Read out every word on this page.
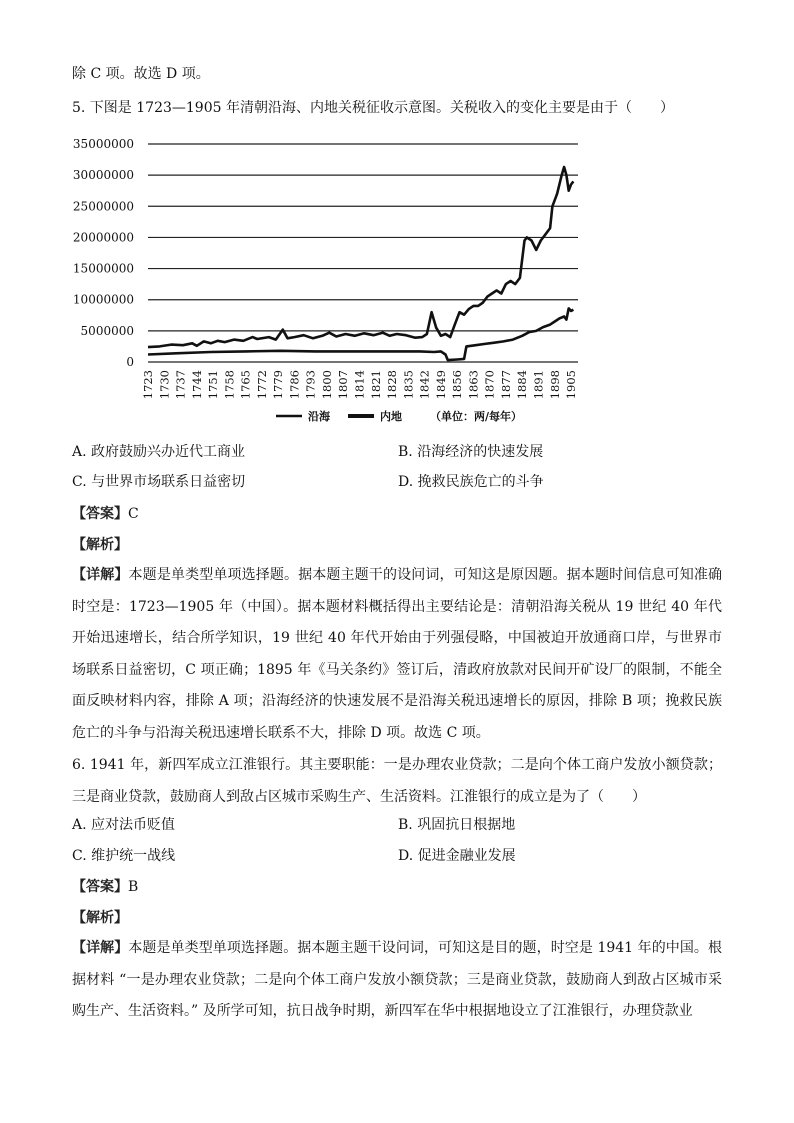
除 C 项。故选 D 项。
5. 下图是 1723—1905 年清朝沿海、内地关税征收示意图。关税收入的变化主要是由于（　　）
35000000
30000000
25000000
20000000
15000000
10000000
5000000
0
1723 1730 1737 1744 1751 1758 1765 1772 1779 1786 1793 1800 1807 1814 1821 1828 1835 1842 1849 1856 1863 1870 1877 1884 1891 1898 1905
沿海	内地	（单位：两/每年）
A. 政府鼓励兴办近代工商业	B. 沿海经济的快速发展
C. 与世界市场联系日益密切	D. 挽救民族危亡的斗争
【答案】C
【解析】
【详解】本题是单类型单项选择题。据本题主题干的设问词，可知这是原因题。据本题时间信息可知准确时空是：1723—1905 年（中国）。据本题材料概括得出主要结论是：清朝沿海关税从 19 世纪 40 年代开始迅速增长，结合所学知识，19 世纪 40 年代开始由于列强侵略，中国被迫开放通商口岸，与世界市场联系日益密切，C 项正确；1895 年《马关条约》签订后，清政府放款对民间开矿设厂的限制，不能全面反映材料内容，排除 A 项；沿海经济的快速发展不是沿海关税迅速增长的原因，排除 B 项；挽救民族危亡的斗争与沿海关税迅速增长联系不大，排除 D 项。故选 C 项。
6. 1941 年，新四军成立江淮银行。其主要职能：一是办理农业贷款；二是向个体工商户发放小额贷款；三是商业贷款，鼓励商人到敌占区城市采购生产、生活资料。江淮银行的成立是为了（　　）
A. 应对法币贬值	B. 巩固抗日根据地
C. 维护统一战线	D. 促进金融业发展
【答案】B
【解析】
【详解】本题是单类型单项选择题。据本题主题干设问词，可知这是目的题，时空是 1941 年的中国。根据材料 “一是办理农业贷款；二是向个体工商户发放小额贷款；三是商业贷款，鼓励商人到敌占区城市采购生产、生活资料。” 及所学可知，抗日战争时期，新四军在华中根据地设立了江淮银行，办理贷款业
